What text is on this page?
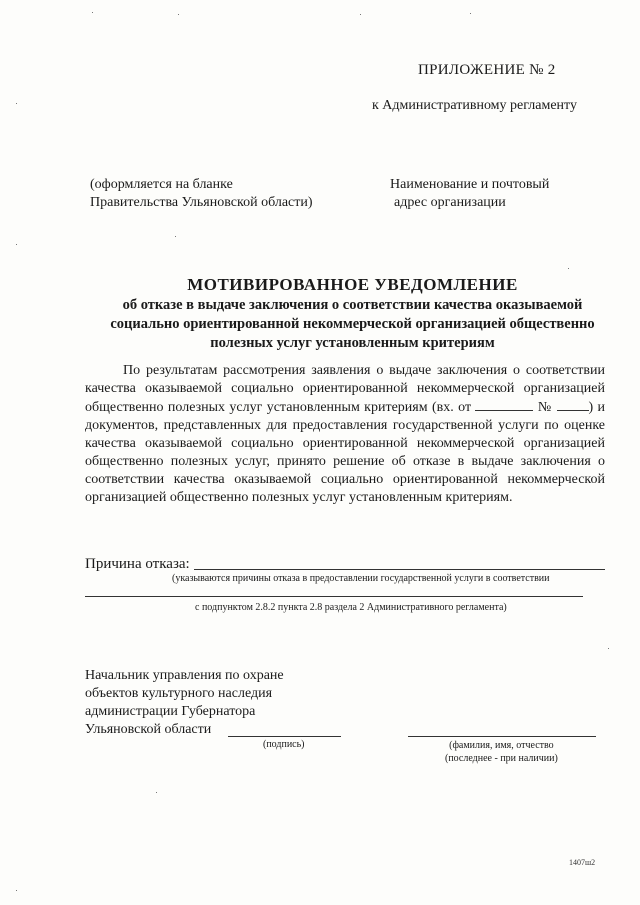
ПРИЛОЖЕНИЕ № 2
к Административному регламенту
(оформляется на бланке
Правительства Ульяновской области)
Наименование и почтовый
адрес организации
МОТИВИРОВАННОЕ УВЕДОМЛЕНИЕ
об отказе в выдаче заключения о соответствии качества оказываемой
социально ориентированной некоммерческой организацией общественно
полезных услуг установленным критериям

По результатам рассмотрения заявления о выдаче заключения о соответствии качества оказываемой социально ориентированной некоммерческой организацией общественно полезных услуг установленным критериям (вх. от	№	) и документов, представленных для предоставления государственной услуги по оценке качества оказываемой социально ориентированной некоммерческой организацией общественно полезных услуг, принято решение об отказе в выдаче заключения о соответствии качества оказываемой социально ориентированной некоммерческой организацией общественно полезных услуг установленным критериям.

Причина отказа:
(указываются причины отказа в предоставлении государственной услуги в соответствии
с подпунктом 2.8.2 пункта 2.8 раздела 2 Административного регламента)
Начальник управления по охране
объектов культурного наследия
администрации Губернатора
Ульяновской области
(подпись)	(фамилия, имя, отчество
(последнее - при наличии)
1407ш2
